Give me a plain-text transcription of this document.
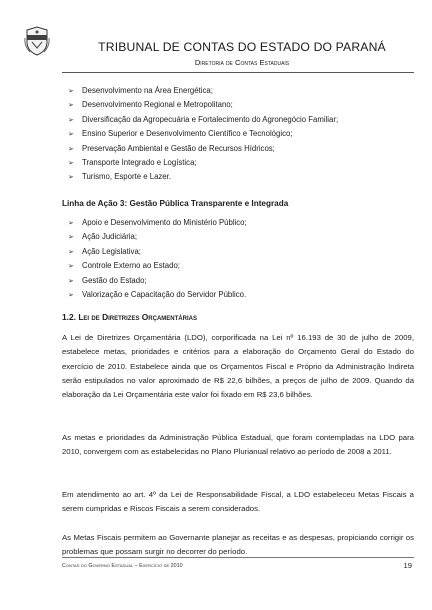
TRIBUNAL DE CONTAS DO ESTADO DO PARANÁ
Diretoria de Contas Estaduais
➢ Desenvolvimento na Área Energética;
➢ Desenvolvimento Regional e Metropolitano;
➢ Diversificação da Agropecuária e Fortalecimento do Agronegócio Familiar;
➢ Ensino Superior e Desenvolvimento Científico e Tecnológico;
➢ Preservação Ambiental e Gestão de Recursos Hídricos;
➢ Transporte Integrado e Logística;
➢ Turismo, Esporte e Lazer.
Linha de Ação 3: Gestão Pública Transparente e Integrada
➢ Apoio e Desenvolvimento do Ministério Público;
➢ Ação Judiciária;
➢ Ação Legislativa;
➢ Controle Externo ao Estado;
➢ Gestão do Estado;
➢ Valorização e Capacitação do Servidor Público.
1.2. Lei de Diretrizes Orçamentárias

A Lei de Diretrizes Orçamentária (LDO), corporificada na Lei nº 16.193 de 30 de julho de 2009, estabelece metas, prioridades e critérios para a elaboração do Orçamento Geral do Estado do exercício de 2010. Estabelece ainda que os Orçamentos Fiscal e Próprio da Administração Indireta serão estipulados no valor aproximado de R$ 22,6 bilhões, a preços de julho de 2009. Quando da elaboração da Lei Orçamentária este valor foi fixado em R$ 23,6 bilhões.

As metas e prioridades da Administração Pública Estadual, que foram contempladas na LDO para 2010, convergem com as estabelecidas no Plano Plurianual relativo ao período de 2008 a 2011.

Em atendimento ao art. 4º da Lei de Responsabilidade Fiscal, a LDO estabeleceu Metas Fiscais a serem cumpridas e Riscos Fiscais a serem considerados.

As Metas Fiscais permitem ao Governante planejar as receitas e as despesas, propiciando corrigir os problemas que possam surgir no decorrer do período.

Contas do Governo Estadual – Exercício de 2010	19
